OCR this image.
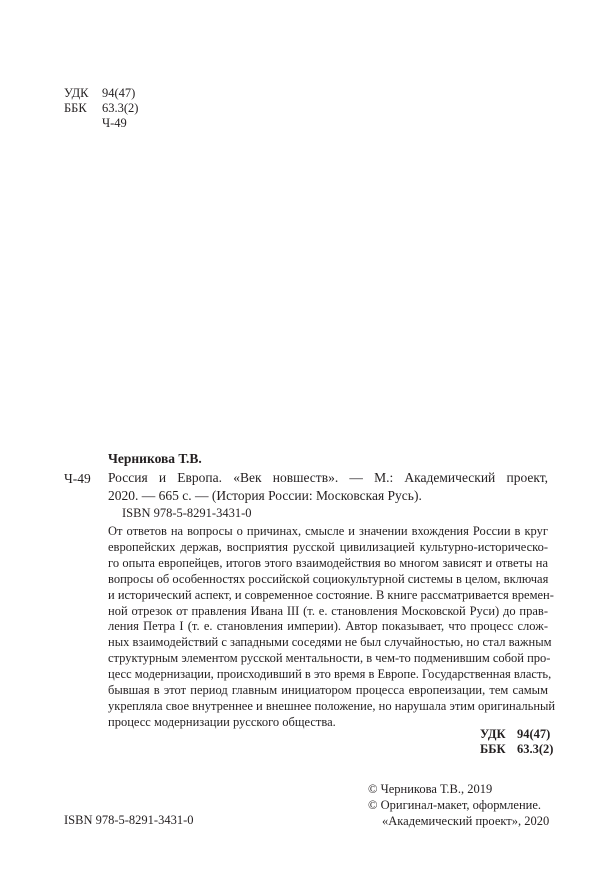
УДК	94(47)
ББК	63.3(2)
Ч-49
Черникова Т.В.
Ч-49 Россия и Европа. «Век новшеств». — М.: Академический проект,
2020. — 665 с. — (История России: Московская Русь).
ISBN 978-5-8291-3431-0
От ответов на вопросы о причинах, смысле и значении вхождения России в круг
европейских держав, восприятия русской цивилизацией культурно-историческо-
го опыта европейцев, итогов этого взаимодействия во многом зависят и ответы на
вопросы об особенностях российской социокультурной системы в целом, включая
и исторический аспект, и современное состояние. В книге рассматривается времен-
ной отрезок от правления Ивана III (т. е. становления Московской Руси) до прав-
ления Петра I (т. е. становления империи). Автор показывает, что процесс слож-
ных взаимодействий с западными соседями не был случайностью, но стал важным
структурным элементом русской ментальности, в чем-то подменившим собой про-
цесс модернизации, происходивший в это время в Европе. Государственная власть,
бывшая в этот период главным инициатором процесса европеизации, тем самым
укрепляла свое внутреннее и внешнее положение, но нарушала этим оригинальный
процесс модернизации русского общества.
УДК 94(47)
ББК 63.3(2)
© Черникова Т.В., 2019
© Оригинал-макет, оформление.
«Академический проект», 2020
ISBN 978-5-8291-3431-0
